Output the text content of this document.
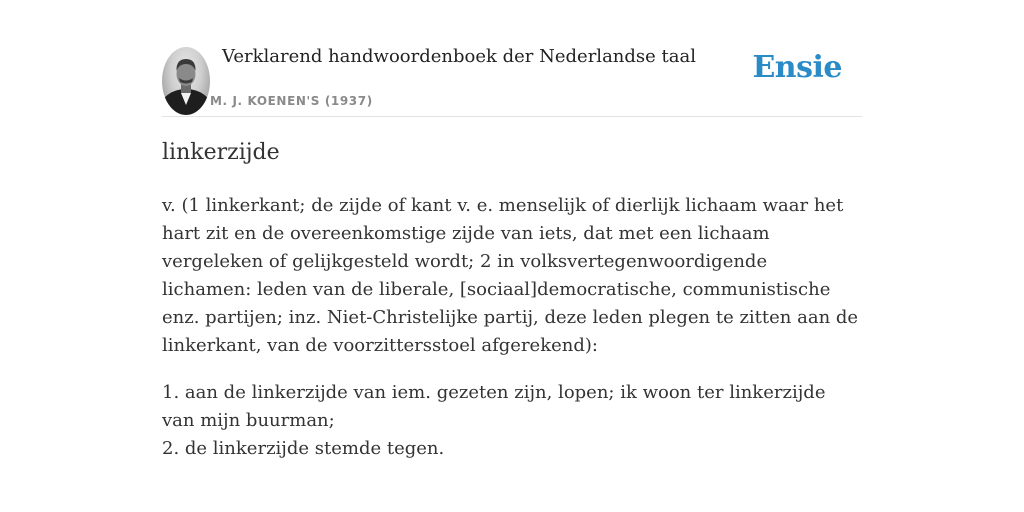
Verklarend handwoordenboek der Nederlandse taal
M. J. KOENEN'S (1937)
Ensie
linkerzijde

v. (1 linkerkant; de zijde of kant v. e. menselijk of dierlijk lichaam waar het hart zit en de overeenkomstige zijde van iets, dat met een lichaam vergeleken of gelijkgesteld wordt; 2 in volksvertegenwoordigende lichamen: leden van de liberale, [sociaal]democratische, communistische enz. partijen; inz. Niet-Christelijke partij, deze leden plegen te zitten aan de linkerkant, van de voorzittersstoel afgerekend):

1. aan de linkerzijde van iem. gezeten zijn, lopen; ik woon ter linkerzijde van mijn buurman;
2. de linkerzijde stemde tegen.
